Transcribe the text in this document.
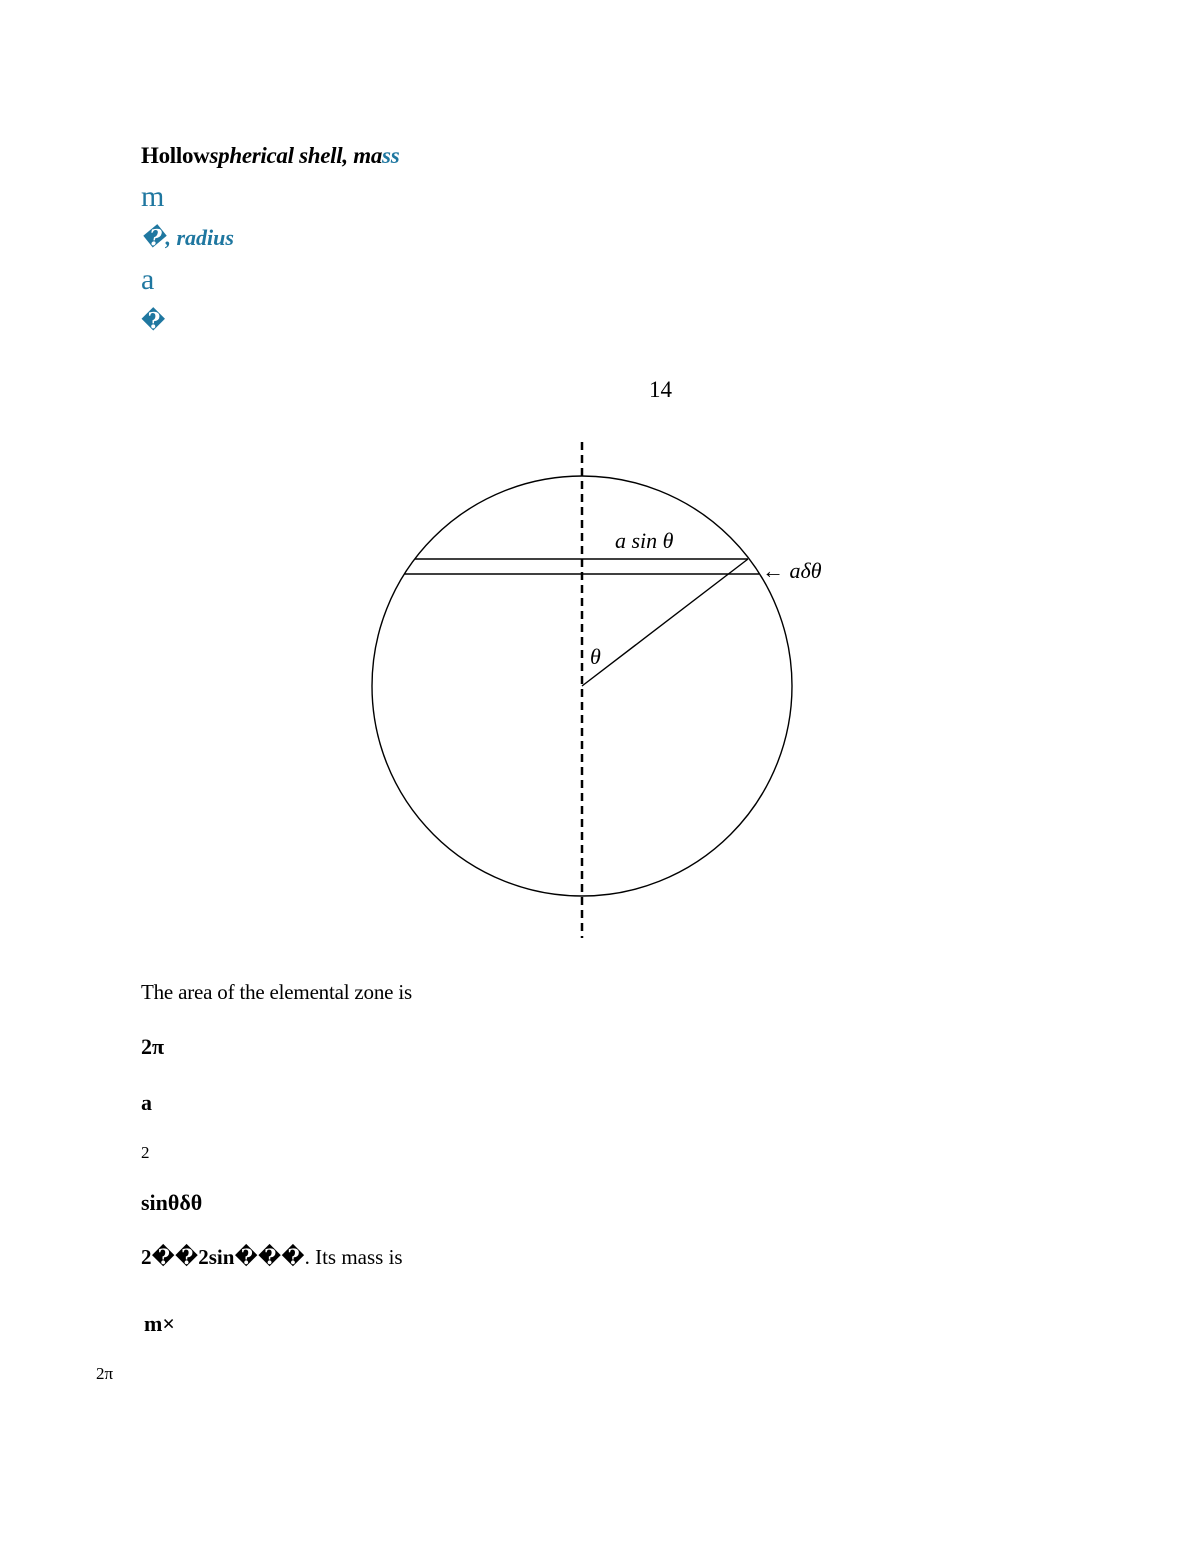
Hollowspherical shell, mass
m
�, radius
a
�
14
a sin θ
← aδθ
θ
The area of the elemental zone is
2π
a
2
sinθδθ
2��2sin���. Its mass is
m×
2π
